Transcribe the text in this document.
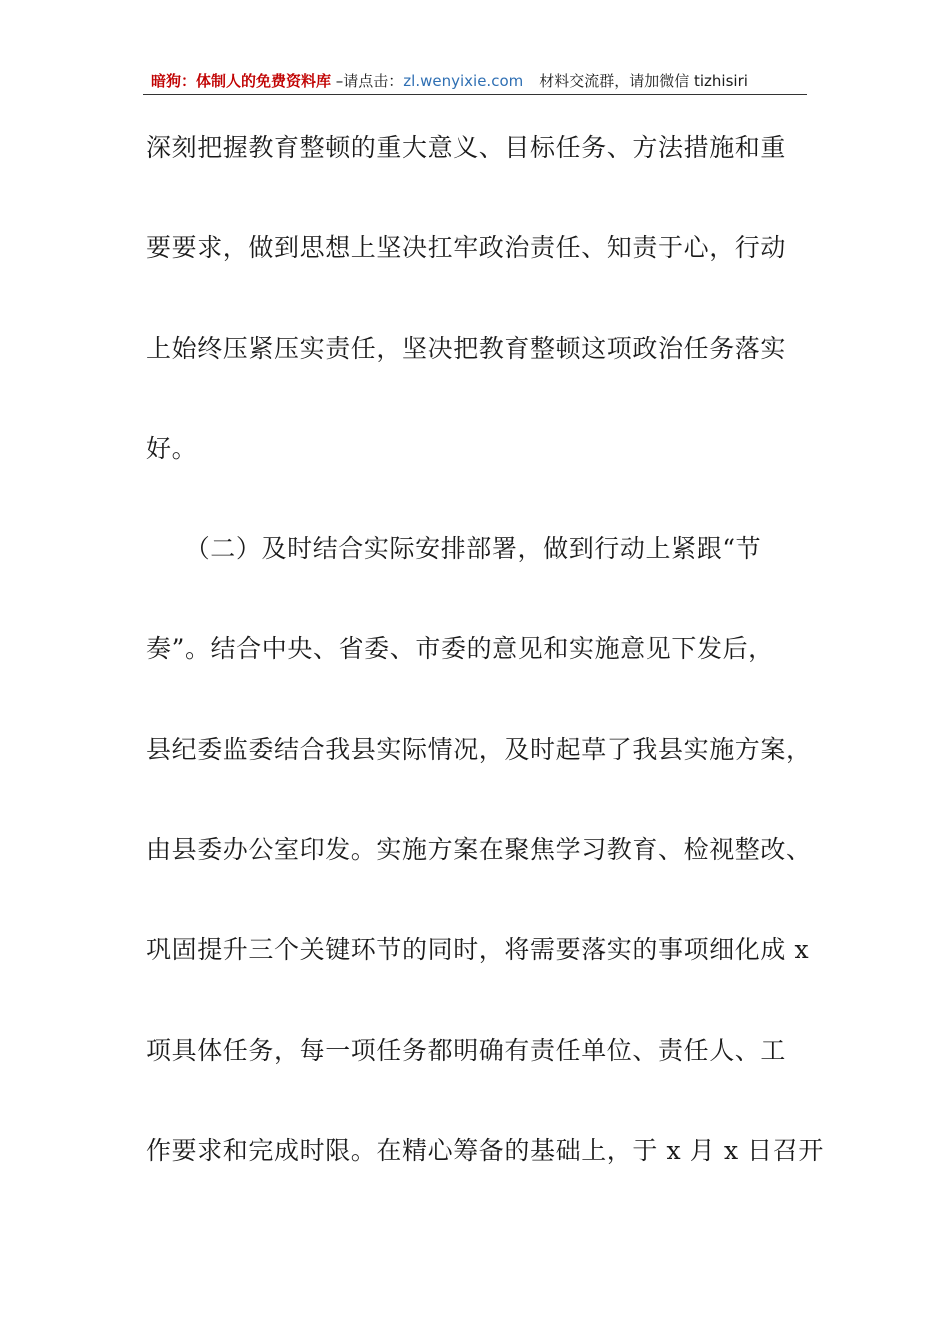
暗狗：体制人的免费资料库 –请点击：zl.wenyixie.com 材料交流群，请加微信 tizhisiri
深刻把握教育整顿的重大意义、目标任务、方法措施和重
要要求，做到思想上坚决扛牢政治责任、知责于心，行动
上始终压紧压实责任，坚决把教育整顿这项政治任务落实
好。
　　（二）及时结合实际安排部署，做到行动上紧跟“节
奏”。结合中央、省委、市委的意见和实施意见下发后，
县纪委监委结合我县实际情况，及时起草了我县实施方案，
由县委办公室印发。实施方案在聚焦学习教育、检视整改、
巩固提升三个关键环节的同时，将需要落实的事项细化成 x
项具体任务，每一项任务都明确有责任单位、责任人、工
作要求和完成时限。在精心筹备的基础上，于 x 月 x 日召开
